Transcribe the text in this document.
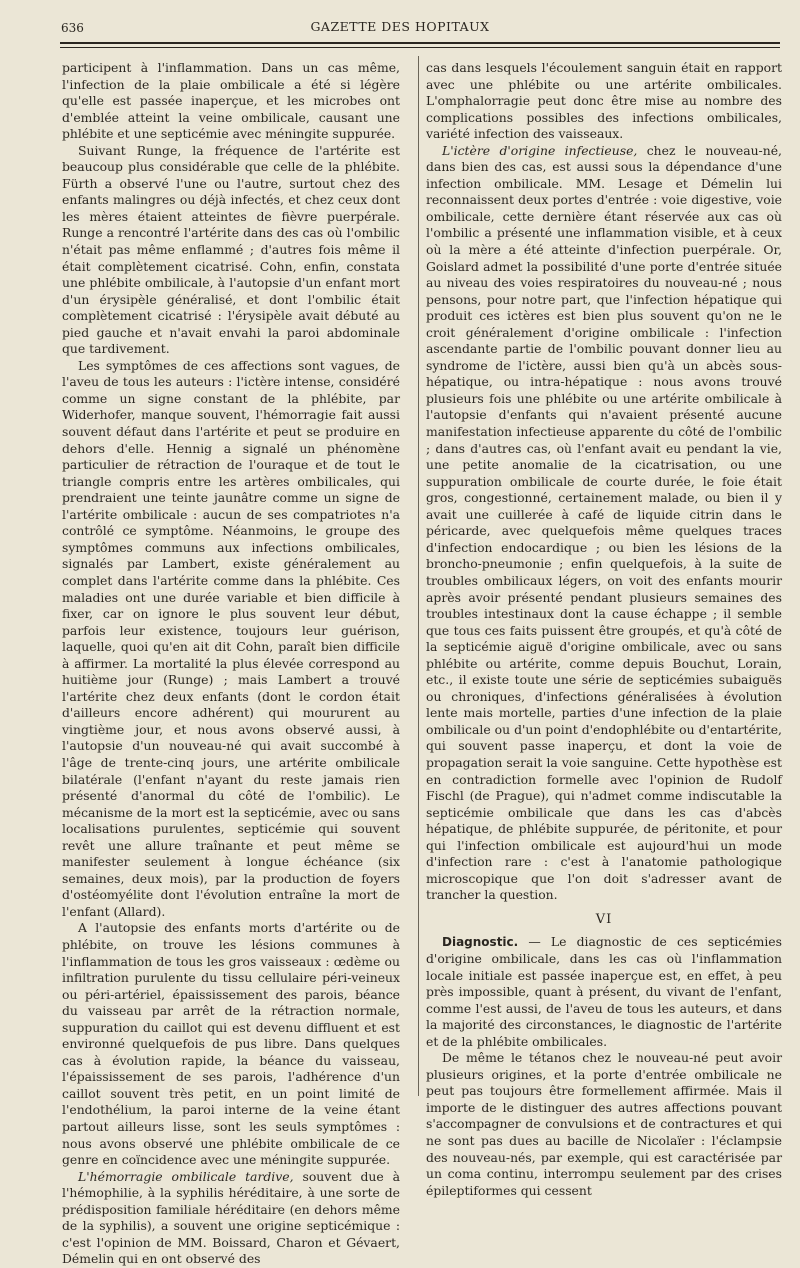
636	GAZETTE DES HOPITAUX

participent à l'inflammation. Dans un cas même, l'infection de la plaie ombilicale a été si légère qu'elle est passée inaperçue, et les microbes ont d'emblée atteint la veine ombilicale, causant une phlébite et une septicémie avec méningite suppurée.

Suivant Runge, la fréquence de l'artérite est beaucoup plus considérable que celle de la phlébite. Fürth a observé l'une ou l'autre, surtout chez des enfants malingres ou déjà infectés, et chez ceux dont les mères étaient atteintes de fièvre puerpérale. Runge a rencontré l'artérite dans des cas où l'ombilic n'était pas même enflammé ; d'autres fois même il était complètement cicatrisé. Cohn, enfin, constata une phlébite ombilicale, à l'autopsie d'un enfant mort d'un érysipèle généralisé, et dont l'ombilic était complètement cicatrisé : l'érysipèle avait débuté au pied gauche et n'avait envahi la paroi abdominale que tardivement.

Les symptômes de ces affections sont vagues, de l'aveu de tous les auteurs : l'ictère intense, considéré comme un signe constant de la phlébite, par Widerhofer, manque souvent, l'hémorragie fait aussi souvent défaut dans l'artérite et peut se produire en dehors d'elle. Hennig a signalé un phénomène particulier de rétraction de l'ouraque et de tout le triangle compris entre les artères ombilicales, qui prendraient une teinte jaunâtre comme un signe de l'artérite ombilicale : aucun de ses compatriotes n'a contrôlé ce symptôme. Néanmoins, le groupe des symptômes communs aux infections ombilicales, signalés par Lambert, existe généralement au complet dans l'artérite comme dans la phlébite. Ces maladies ont une durée variable et bien difficile à fixer, car on ignore le plus souvent leur début, parfois leur existence, toujours leur guérison, laquelle, quoi qu'en ait dit Cohn, paraît bien difficile à affirmer. La mortalité la plus élevée correspond au huitième jour (Runge) ; mais Lambert a trouvé l'artérite chez deux enfants (dont le cordon était d'ailleurs encore adhérent) qui moururent au vingtième jour, et nous avons observé aussi, à l'autopsie d'un nouveau-né qui avait succombé à l'âge de trente-cinq jours, une artérite ombilicale bilatérale (l'enfant n'ayant du reste jamais rien présenté d'anormal du côté de l'ombilic). Le mécanisme de la mort est la septicémie, avec ou sans localisations purulentes, septicémie qui souvent revêt une allure traînante et peut même se manifester seulement à longue échéance (six semaines, deux mois), par la production de foyers d'ostéomyélite dont l'évolution entraîne la mort de l'enfant (Allard).

A l'autopsie des enfants morts d'artérite ou de phlébite, on trouve les lésions communes à l'inflammation de tous les gros vaisseaux : œdème ou infiltration purulente du tissu cellulaire péri-veineux ou péri-artériel, épaississement des parois, béance du vaisseau par arrêt de la rétraction normale, suppuration du caillot qui est devenu diffluent et est environné quelquefois de pus libre. Dans quelques cas à évolution rapide, la béance du vaisseau, l'épaississement de ses parois, l'adhérence d'un caillot souvent très petit, en un point limité de l'endothélium, la paroi interne de la veine étant partout ailleurs lisse, sont les seuls symptômes : nous avons observé une phlébite ombilicale de ce genre en coïncidence avec une méningite suppurée.

L'hémorragie ombilicale tardive, souvent due à l'hémophilie, à la syphilis héréditaire, à une sorte de prédisposition familiale héréditaire (en dehors même de la syphilis), a souvent une origine septicémique : c'est l'opinion de MM. Boissard, Charon et Gévaert, Démelin qui en ont observé des

cas dans lesquels l'écoulement sanguin était en rapport avec une phlébite ou une artérite ombilicales. L'omphalorragie peut donc être mise au nombre des complications possibles des infections ombilicales, variété infection des vaisseaux.

L'ictère d'origine infectieuse, chez le nouveau-né, dans bien des cas, est aussi sous la dépendance d'une infection ombilicale. MM. Lesage et Démelin lui reconnaissent deux portes d'entrée : voie digestive, voie ombilicale, cette dernière étant réservée aux cas où l'ombilic a présenté une inflammation visible, et à ceux où la mère a été atteinte d'infection puerpérale. Or, Goislard admet la possibilité d'une porte d'entrée située au niveau des voies respiratoires du nouveau-né ; nous pensons, pour notre part, que l'infection hépatique qui produit ces ictères est bien plus souvent qu'on ne le croit généralement d'origine ombilicale : l'infection ascendante partie de l'ombilic pouvant donner lieu au syndrome de l'ictère, aussi bien qu'à un abcès sous-hépatique, ou intra-hépatique : nous avons trouvé plusieurs fois une phlébite ou une artérite ombilicale à l'autopsie d'enfants qui n'avaient présenté aucune manifestation infectieuse apparente du côté de l'ombilic ; dans d'autres cas, où l'enfant avait eu pendant la vie, une petite anomalie de la cicatrisation, ou une suppuration ombilicale de courte durée, le foie était gros, congestionné, certainement malade, ou bien il y avait une cuillerée à café de liquide citrin dans le péricarde, avec quelquefois même quelques traces d'infection endocardique ; ou bien les lésions de la broncho-pneumonie ; enfin quelquefois, à la suite de troubles ombilicaux légers, on voit des enfants mourir après avoir présenté pendant plusieurs semaines des troubles intestinaux dont la cause échappe ; il semble que tous ces faits puissent être groupés, et qu'à côté de la septicémie aiguë d'origine ombilicale, avec ou sans phlébite ou artérite, comme depuis Bouchut, Lorain, etc., il existe toute une série de septicémies subaiguës ou chroniques, d'infections généralisées à évolution lente mais mortelle, parties d'une infection de la plaie ombilicale ou d'un point d'endophlébite ou d'entartérite, qui souvent passe inaperçu, et dont la voie de propagation serait la voie sanguine. Cette hypothèse est en contradiction formelle avec l'opinion de Rudolf Fischl (de Prague), qui n'admet comme indiscutable la septicémie ombilicale que dans les cas d'abcès hépatique, de phlébite suppurée, de péritonite, et pour qui l'infection ombilicale est aujourd'hui un mode d'infection rare : c'est à l'anatomie pathologique microscopique que l'on doit s'adresser avant de trancher la question.

VI

Diagnostic. — Le diagnostic de ces septicémies d'origine ombilicale, dans les cas où l'inflammation locale initiale est passée inaperçue est, en effet, à peu près impossible, quant à présent, du vivant de l'enfant, comme l'est aussi, de l'aveu de tous les auteurs, et dans la majorité des circonstances, le diagnostic de l'artérite et de la phlébite ombilicales.

De même le tétanos chez le nouveau-né peut avoir plusieurs origines, et la porte d'entrée ombilicale ne peut pas toujours être formellement affirmée. Mais il importe de le distinguer des autres affections pouvant s'accompagner de convulsions et de contractures et qui ne sont pas dues au bacille de Nicolaïer : l'éclampsie des nouveau-nés, par exemple, qui est caractérisée par un coma continu, interrompu seulement par des crises épileptiformes qui cessent
